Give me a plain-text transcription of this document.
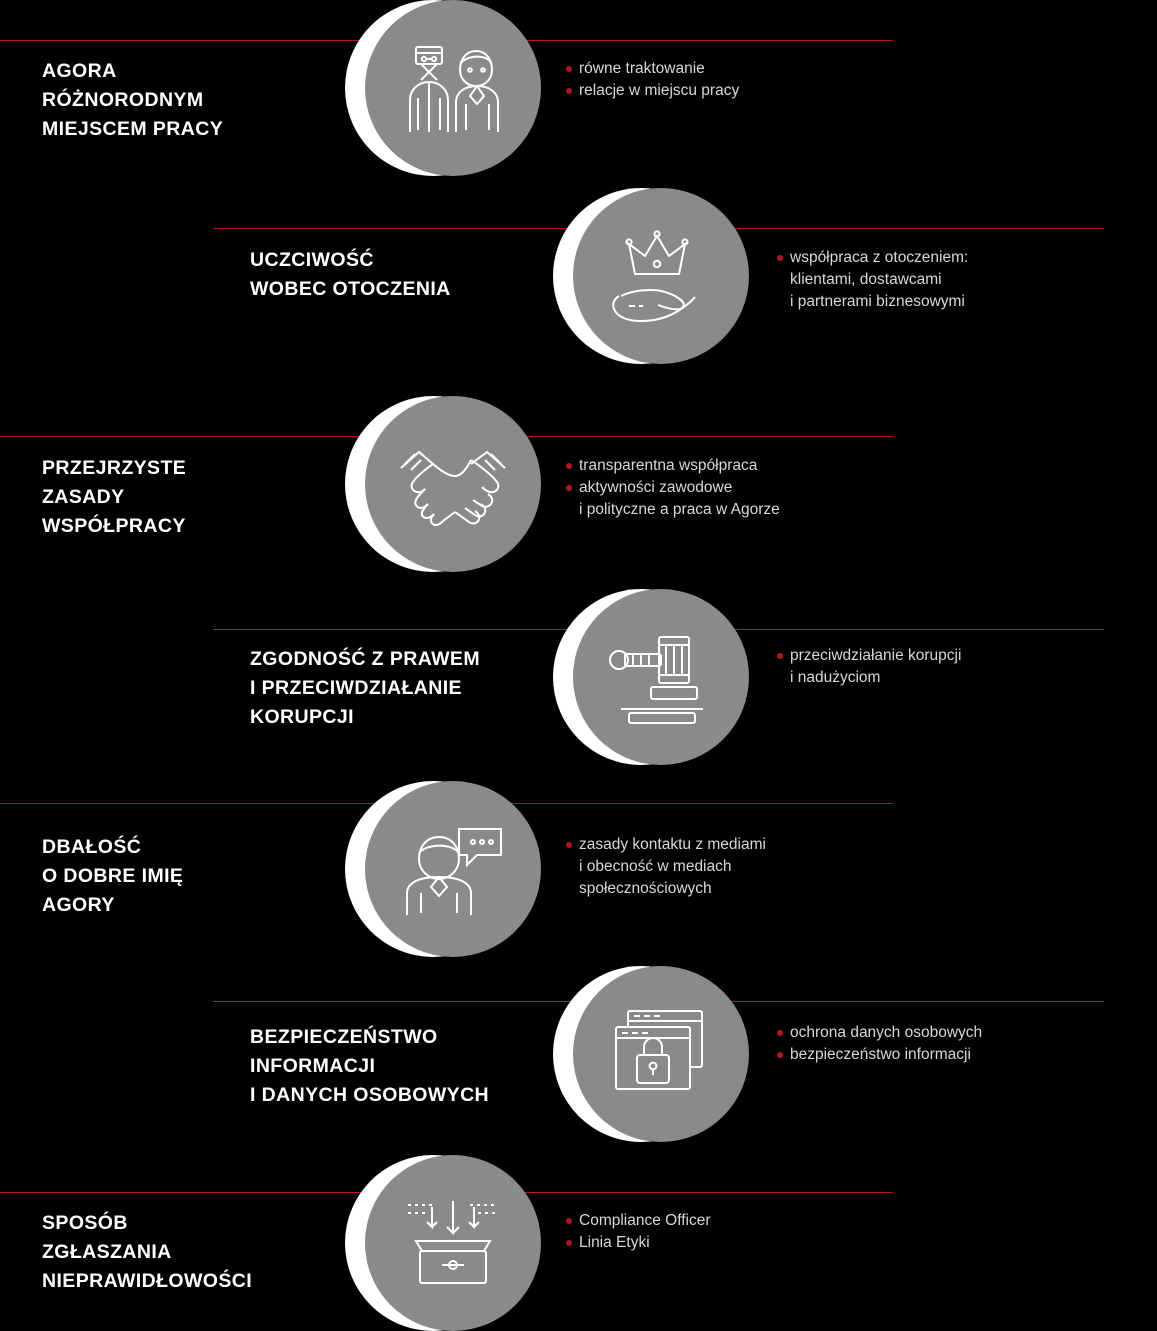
AGORA
RÓŻNORODNYM
MIEJSCEM PRACY
równe traktowanie
relacje w miejscu pracy
UCZCIWOŚĆ
WOBEC OTOCZENIA
współpraca z otoczeniem:
klientami, dostawcami
i partnerami biznesowymi
PRZEJRZYSTE
ZASADY
WSPÓŁPRACY
transparentna współpraca
aktywności zawodowe
i polityczne a praca w Agorze
ZGODNOŚĆ Z PRAWEM
I PRZECIWDZIAŁANIE
KORUPCJI
przeciwdziałanie korupcji
i nadużyciom
DBAŁOŚĆ
O DOBRE IMIĘ
AGORY
zasady kontaktu z mediami
i obecność w mediach
społecznościowych
BEZPIECZEŃSTWO
INFORMACJI
I DANYCH OSOBOWYCH
ochrona danych osobowych
bezpieczeństwo informacji
SPOSÓB
ZGŁASZANIA
NIEPRAWIDŁOWOŚCI
Compliance Officer
Linia Etyki
